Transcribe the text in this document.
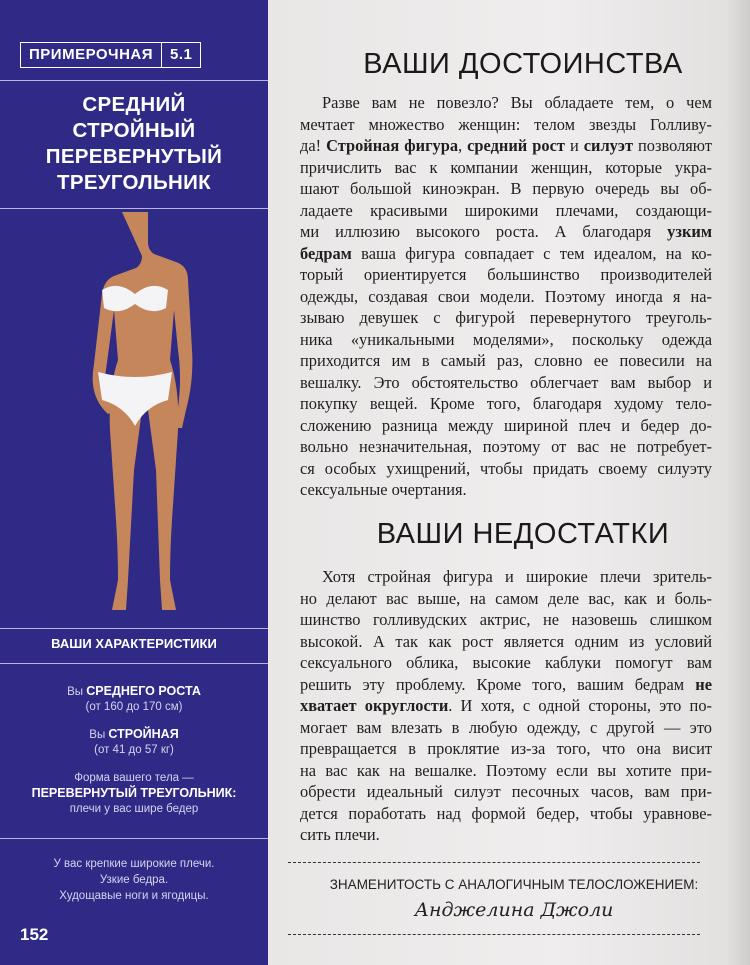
ПРИМЕРОЧНАЯ	5.1
СРЕДНИЙ
СТРОЙНЫЙ
ПЕРЕВЕРНУТЫЙ
ТРЕУГОЛЬНИК
ВАШИ ХАРАКТЕРИСТИКИ
Вы СРЕДНЕГО РОСТА
(от 160 до 170 см)
Вы СТРОЙНАЯ
(от 41 до 57 кг)
Форма вашего тела —
ПЕРЕВЕРНУТЫЙ ТРЕУГОЛЬНИК:
плечи у вас шире бедер
У вас крепкие широкие плечи.
Узкие бедра.
Худощавые ноги и ягодицы.
152
ВАШИ ДОСТОИНСТВА
Разве вам не повезло? Вы обладаете тем, о чем
мечтает множество женщин: телом звезды Голливу-
да! Стройная фигура, средний рост и силуэт позволяют
причислить вас к компании женщин, которые укра-
шают большой киноэкран. В первую очередь вы об-
ладаете красивыми широкими плечами, создающи-
ми иллюзию высокого роста. А благодаря узким
бедрам ваша фигура совпадает с тем идеалом, на ко-
торый ориентируется большинство производителей
одежды, создавая свои модели. Поэтому иногда я на-
зываю девушек с фигурой перевернутого треуголь-
ника «уникальными моделями», поскольку одежда
приходится им в самый раз, словно ее повесили на
вешалку. Это обстоятельство облегчает вам выбор и
покупку вещей. Кроме того, благодаря худому тело-
сложению разница между шириной плеч и бедер до-
вольно незначительная, поэтому от вас не потребует-
ся особых ухищрений, чтобы придать своему силуэту
сексуальные очертания.
ВАШИ НЕДОСТАТКИ
Хотя стройная фигура и широкие плечи зритель-
но делают вас выше, на самом деле вас, как и боль-
шинство голливудских актрис, не назовешь слишком
высокой. А так как рост является одним из условий
сексуального облика, высокие каблуки помогут вам
решить эту проблему. Кроме того, вашим бедрам не
хватает округлости. И хотя, с одной стороны, это по-
могает вам влезать в любую одежду, с другой — это
превращается в проклятие из-за того, что она висит
на вас как на вешалке. Поэтому если вы хотите при-
обрести идеальный силуэт песочных часов, вам при-
дется поработать над формой бедер, чтобы уравнове-
сить плечи.
ЗНАМЕНИТОСТЬ С АНАЛОГИЧНЫМ ТЕЛОСЛОЖЕНИЕМ:
Анджелина Джоли
